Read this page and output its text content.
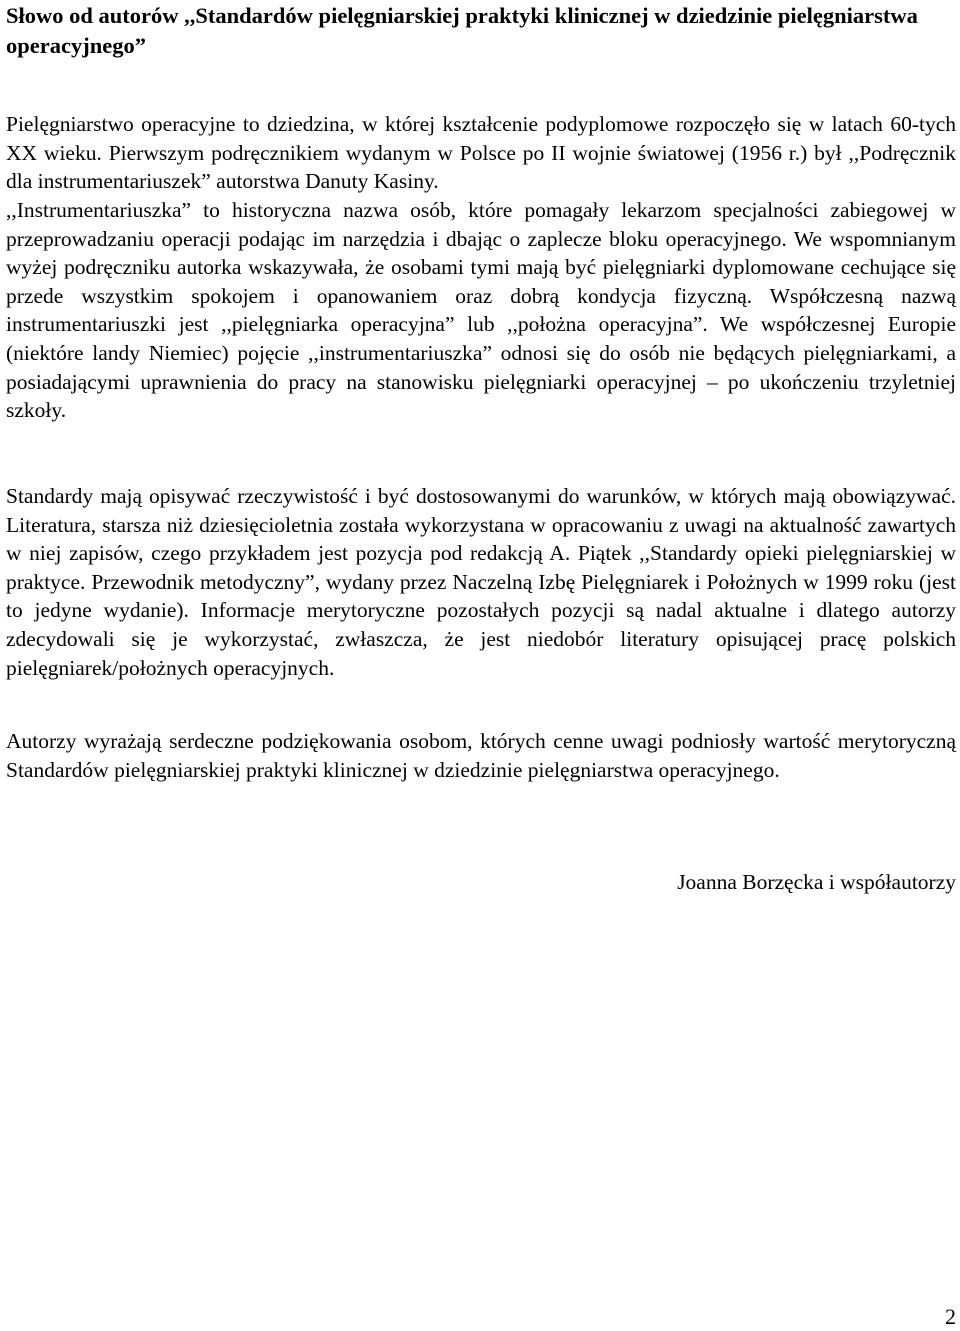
Słowo od autorów ,,Standardów pielęgniarskiej praktyki klinicznej w dziedzinie pielęgniarstwa operacyjnego”

Pielęgniarstwo operacyjne to dziedzina, w której kształcenie podyplomowe rozpoczęło się w latach 60-tych XX wieku. Pierwszym podręcznikiem wydanym w Polsce po II wojnie światowej (1956 r.) był ,,Podręcznik dla instrumentariuszek” autorstwa Danuty Kasiny.

,,Instrumentariuszka” to historyczna nazwa osób, które pomagały lekarzom specjalności zabiegowej w przeprowadzaniu operacji podając im narzędzia i dbając o zaplecze bloku operacyjnego. We wspomnianym wyżej podręczniku autorka wskazywała, że osobami tymi mają być pielęgniarki dyplomowane cechujące się przede wszystkim spokojem i opanowaniem oraz dobrą kondycja fizyczną. Współczesną nazwą instrumentariuszki jest ,,pielęgniarka operacyjna” lub ,,położna operacyjna”. We współczesnej Europie (niektóre landy Niemiec) pojęcie ,,instrumentariuszka” odnosi się do osób nie będących pielęgniarkami, a posiadającymi uprawnienia do pracy na stanowisku pielęgniarki operacyjnej – po ukończeniu trzyletniej szkoły.

Standardy mają opisywać rzeczywistość i być dostosowanymi do warunków, w których mają obowiązywać. Literatura, starsza niż dziesięcioletnia została wykorzystana w opracowaniu z uwagi na aktualność zawartych w niej zapisów, czego przykładem jest pozycja pod redakcją A. Piątek ,,Standardy opieki pielęgniarskiej w praktyce. Przewodnik metodyczny”, wydany przez Naczelną Izbę Pielęgniarek i Położnych w 1999 roku (jest to jedyne wydanie). Informacje merytoryczne pozostałych pozycji są nadal aktualne i dlatego autorzy zdecydowali się je wykorzystać, zwłaszcza, że jest niedobór literatury opisującej pracę polskich pielęgniarek/położnych operacyjnych.

Autorzy wyrażają serdeczne podziękowania osobom, których cenne uwagi podniosły wartość merytoryczną Standardów pielęgniarskiej praktyki klinicznej w dziedzinie pielęgniarstwa operacyjnego.

Joanna Borzęcka i współautorzy

2
